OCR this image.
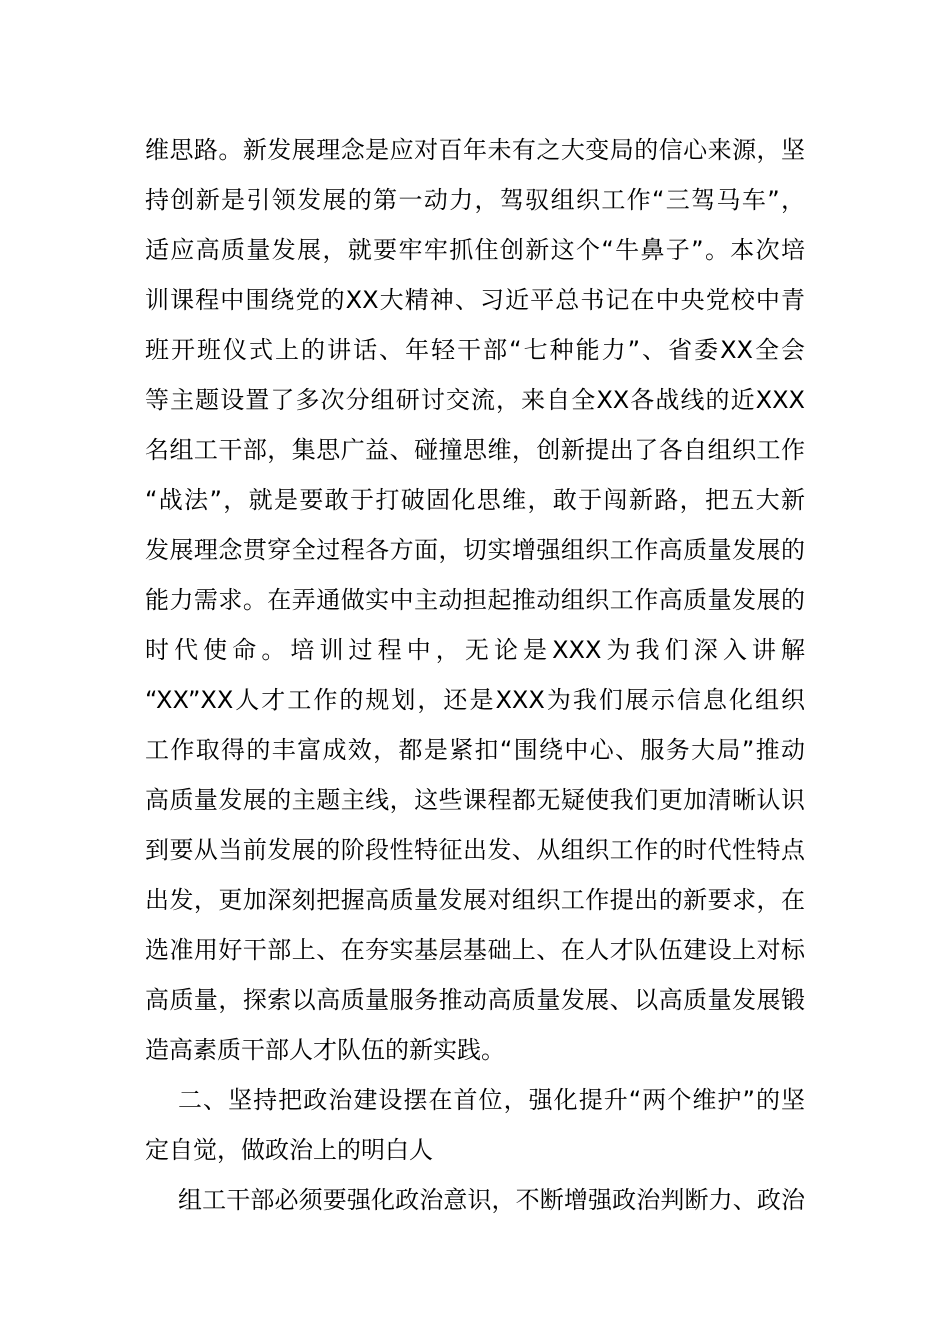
维思路。新发展理念是应对百年未有之大变局的信心来源，坚
持创新是引领发展的第一动力，驾驭组织工作“三驾马车”，
适应高质量发展，就要牢牢抓住创新这个“牛鼻子”。本次培
训课程中围绕党的XX大精神、习近平总书记在中央党校中青
班开班仪式上的讲话、年轻干部“七种能力”、省委XX全会
等主题设置了多次分组研讨交流，来自全XX各战线的近XXX
名组工干部，集思广益、碰撞思维，创新提出了各自组织工作
“战法”，就是要敢于打破固化思维，敢于闯新路，把五大新
发展理念贯穿全过程各方面，切实增强组织工作高质量发展的
能力需求。在弄通做实中主动担起推动组织工作高质量发展的
时代使命。培训过程中，无论是XXX为我们深入讲解
“XX”XX人才工作的规划，还是XXX为我们展示信息化组织
工作取得的丰富成效，都是紧扣“围绕中心、服务大局”推动
高质量发展的主题主线，这些课程都无疑使我们更加清晰认识
到要从当前发展的阶段性特征出发、从组织工作的时代性特点
出发，更加深刻把握高质量发展对组织工作提出的新要求，在
选准用好干部上、在夯实基层基础上、在人才队伍建设上对标
高质量，探索以高质量服务推动高质量发展、以高质量发展锻
造高素质干部人才队伍的新实践。
二、坚持把政治建设摆在首位，强化提升“两个维护”的坚
定自觉，做政治上的明白人
组工干部必须要强化政治意识，不断增强政治判断力、政治
